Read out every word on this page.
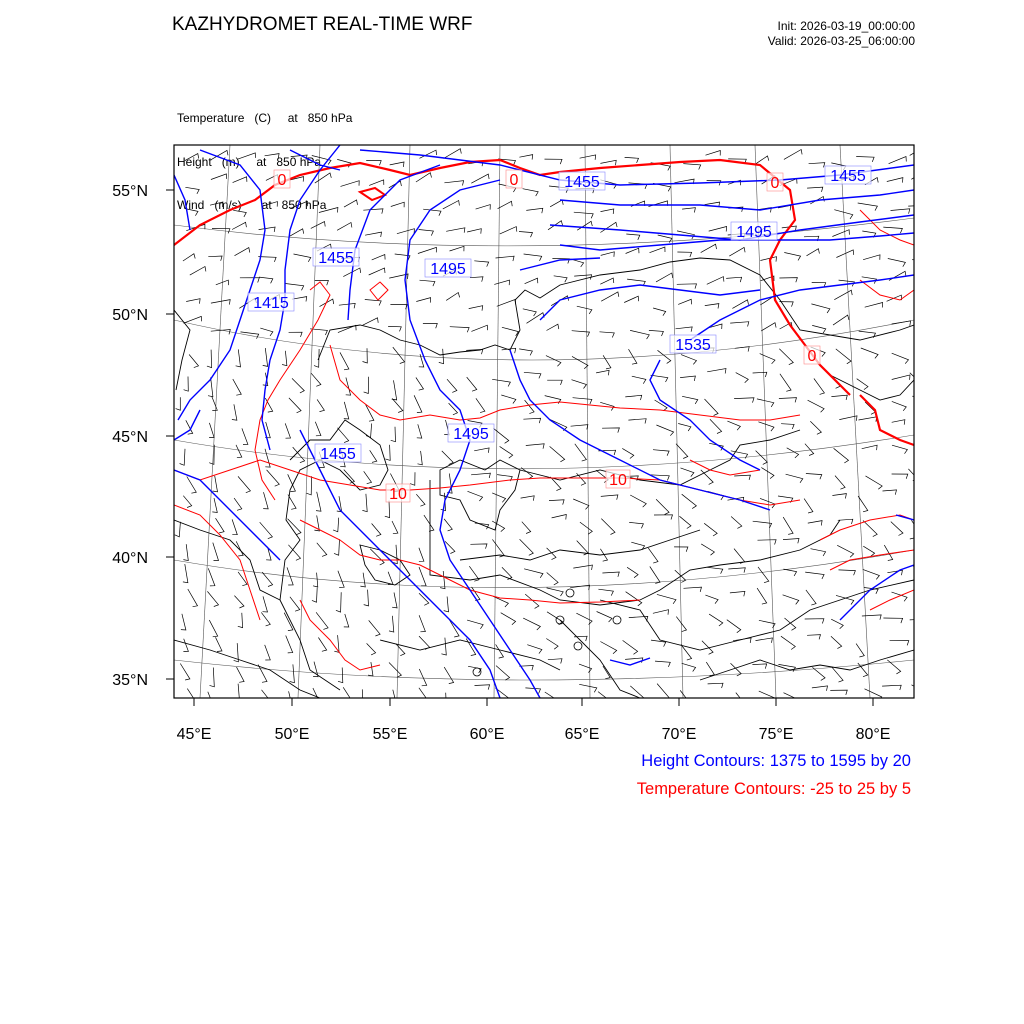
KAZHYDROMET REAL-TIME WRF	Init: 2026-03-19_00:00:00
Valid: 2026-03-25_06:00:00

Temperature   (C)     at   850 hPa

Height   (m)     at   850 hPa

Wind   (m/s)      at   850 hPa

1455	1455
1495
1455
1495
1415
1535
1495
1455
0	0	0
0
10
10
55°N
50°N
45°N
40°N
35°N
45°E	50°E	55°E	60°E	65°E	70°E	75°E	80°E
Height Contours: 1375 to 1595 by 20
Temperature Contours: -25 to 25 by 5
